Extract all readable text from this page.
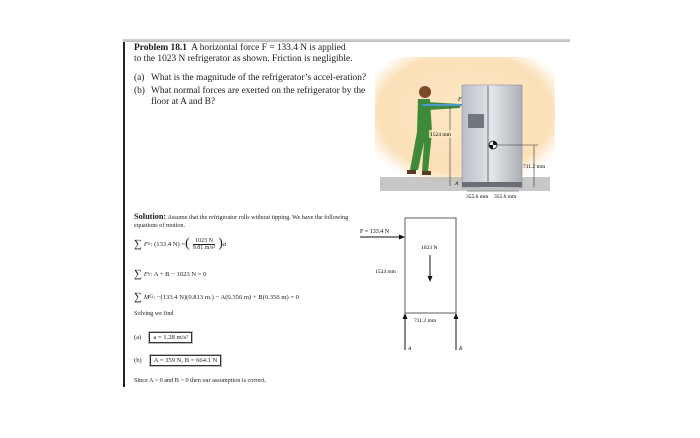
Problem 18.1 A horizontal force F = 133.4 N is applied
to the 1023 N refrigerator as shown. Friction is negligible.
(a) What is the magnitude of the refrigerator’s accel-eration?
(b) What normal forces are exerted on the refrigerator by the floor at A and B?	F
1524 mm
711.2 mm
A
355.6 mm 355.6 mm
Solution: Assume that the refrigerator rolls without tipping. We have the following equations of motion.
∑ F x : (133.4 N) = ( $\frac{1023 N}{\text{9.81 m/s²}}$ ) a
∑ F y : A + B − 1023 N = 0
∑ M G : −(133.4 N)(0.813 m.) − A(0.356 m) + B(0.356 m) = 0
Solving we find
(a)	a = 1.28 m/s²
(b)	A = 359 N, B = 664.1 N
Since A > 0 and B > 0 then our assumption is correct.
F = 133.4 N
1023 N
1524 mm
711.2 mm
A	B
